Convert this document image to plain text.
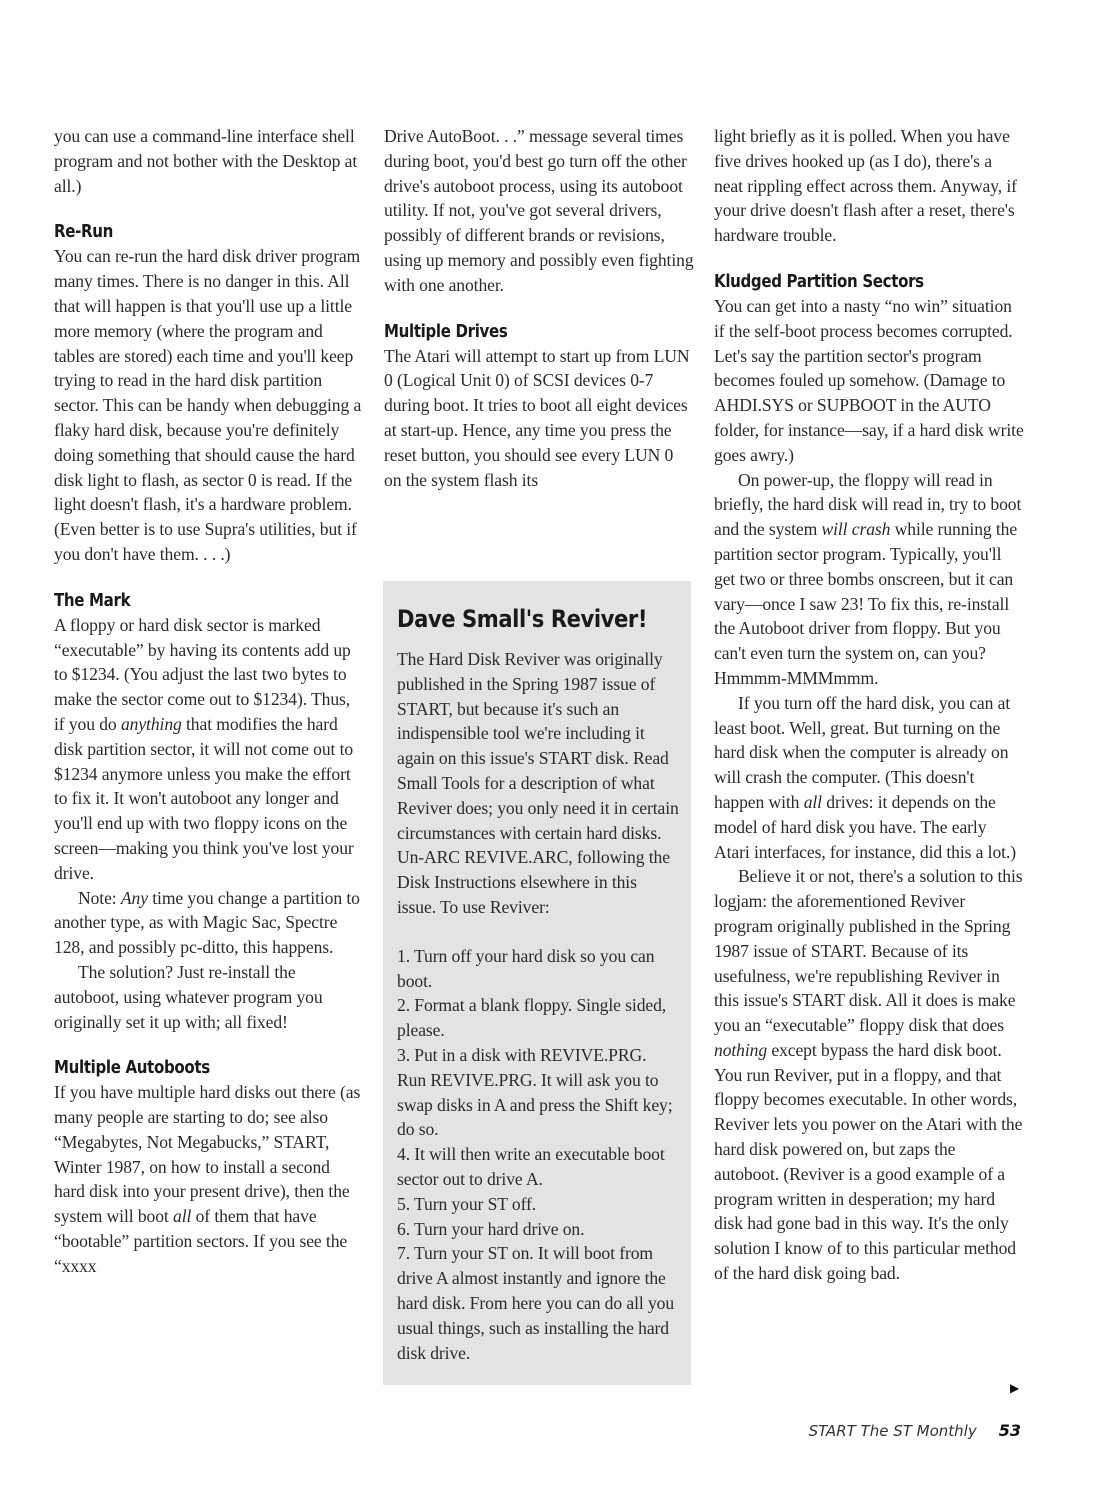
you can use a command-line interface shell program and not bother with the Desktop at all.)

Re-Run

You can re-run the hard disk driver program many times. There is no danger in this. All that will happen is that you'll use up a little more memory (where the program and tables are stored) each time and you'll keep trying to read in the hard disk partition sector. This can be handy when debugging a flaky hard disk, because you're definitely doing something that should cause the hard disk light to flash, as sector 0 is read. If the light doesn't flash, it's a hardware problem. (Even better is to use Supra's utilities, but if you don't have them. . . .)

The Mark

A floppy or hard disk sector is marked “executable” by having its contents add up to $1234. (You adjust the last two bytes to make the sector come out to $1234). Thus, if you do anything that modifies the hard disk partition sector, it will not come out to $1234 anymore unless you make the effort to fix it. It won't autoboot any longer and you'll end up with two floppy icons on the screen—making you think you've lost your drive.

Note: Any time you change a partition to another type, as with Magic Sac, Spectre 128, and possibly pc-ditto, this happens.

The solution? Just re-install the autoboot, using whatever program you originally set it up with; all fixed!

Multiple Autoboots

If you have multiple hard disks out there (as many people are starting to do; see also “Megabytes, Not Megabucks,” START, Winter 1987, on how to install a second hard disk into your present drive), then the system will boot all of them that have “bootable” partition sectors. If you see the “xxxx

Drive AutoBoot. . .” message several times during boot, you'd best go turn off the other drive's autoboot process, using its autoboot utility. If not, you've got several drivers, possibly of different brands or revisions, using up memory and possibly even fighting with one another.

Multiple Drives

The Atari will attempt to start up from LUN 0 (Logical Unit 0) of SCSI devices 0-7 during boot. It tries to boot all eight devices at start-up. Hence, any time you press the reset button, you should see every LUN 0 on the system flash its

Dave Small's Reviver!

The Hard Disk Reviver was originally published in the Spring 1987 issue of START, but because it's such an indispensible tool we're including it again on this issue's START disk. Read Small Tools for a description of what Reviver does; you only need it in certain circumstances with certain hard disks. Un-ARC REVIVE.ARC, following the Disk Instructions elsewhere in this issue. To use Reviver:

1. Turn off your hard disk so you can boot.

2. Format a blank floppy. Single sided, please.

3. Put in a disk with REVIVE.PRG. Run REVIVE.PRG. It will ask you to swap disks in A and press the Shift key; do so.

4. It will then write an executable boot sector out to drive A.

5. Turn your ST off.

6. Turn your hard drive on.

7. Turn your ST on. It will boot from drive A almost instantly and ignore the hard disk. From here you can do all you usual things, such as installing the hard disk drive.

light briefly as it is polled. When you have five drives hooked up (as I do), there's a neat rippling effect across them. Anyway, if your drive doesn't flash after a reset, there's hardware trouble.

Kludged Partition Sectors

You can get into a nasty “no win” situation if the self-boot process becomes corrupted. Let's say the partition sector's program becomes fouled up somehow. (Damage to AHDI.SYS or SUPBOOT in the AUTO folder, for instance—say, if a hard disk write goes awry.)

On power-up, the floppy will read in briefly, the hard disk will read in, try to boot and the system will crash while running the partition sector program. Typically, you'll get two or three bombs onscreen, but it can vary—once I saw 23! To fix this, re-install the Autoboot driver from floppy. But you can't even turn the system on, can you? Hmmmm-MMMmmm.

If you turn off the hard disk, you can at least boot. Well, great. But turning on the hard disk when the computer is already on will crash the computer. (This doesn't happen with all drives: it depends on the model of hard disk you have. The early Atari interfaces, for instance, did this a lot.)

Believe it or not, there's a solution to this logjam: the aforementioned Reviver program originally published in the Spring 1987 issue of START. Because of its usefulness, we're republishing Reviver in this issue's START disk. All it does is make you an “executable” floppy disk that does nothing except bypass the hard disk boot. You run Reviver, put in a floppy, and that floppy becomes executable. In other words, Reviver lets you power on the Atari with the hard disk powered on, but zaps the autoboot. (Reviver is a good example of a program written in desperation; my hard disk had gone bad in this way. It's the only solution I know of to this particular method of the hard disk going bad.

▶
START The ST Monthly 53
